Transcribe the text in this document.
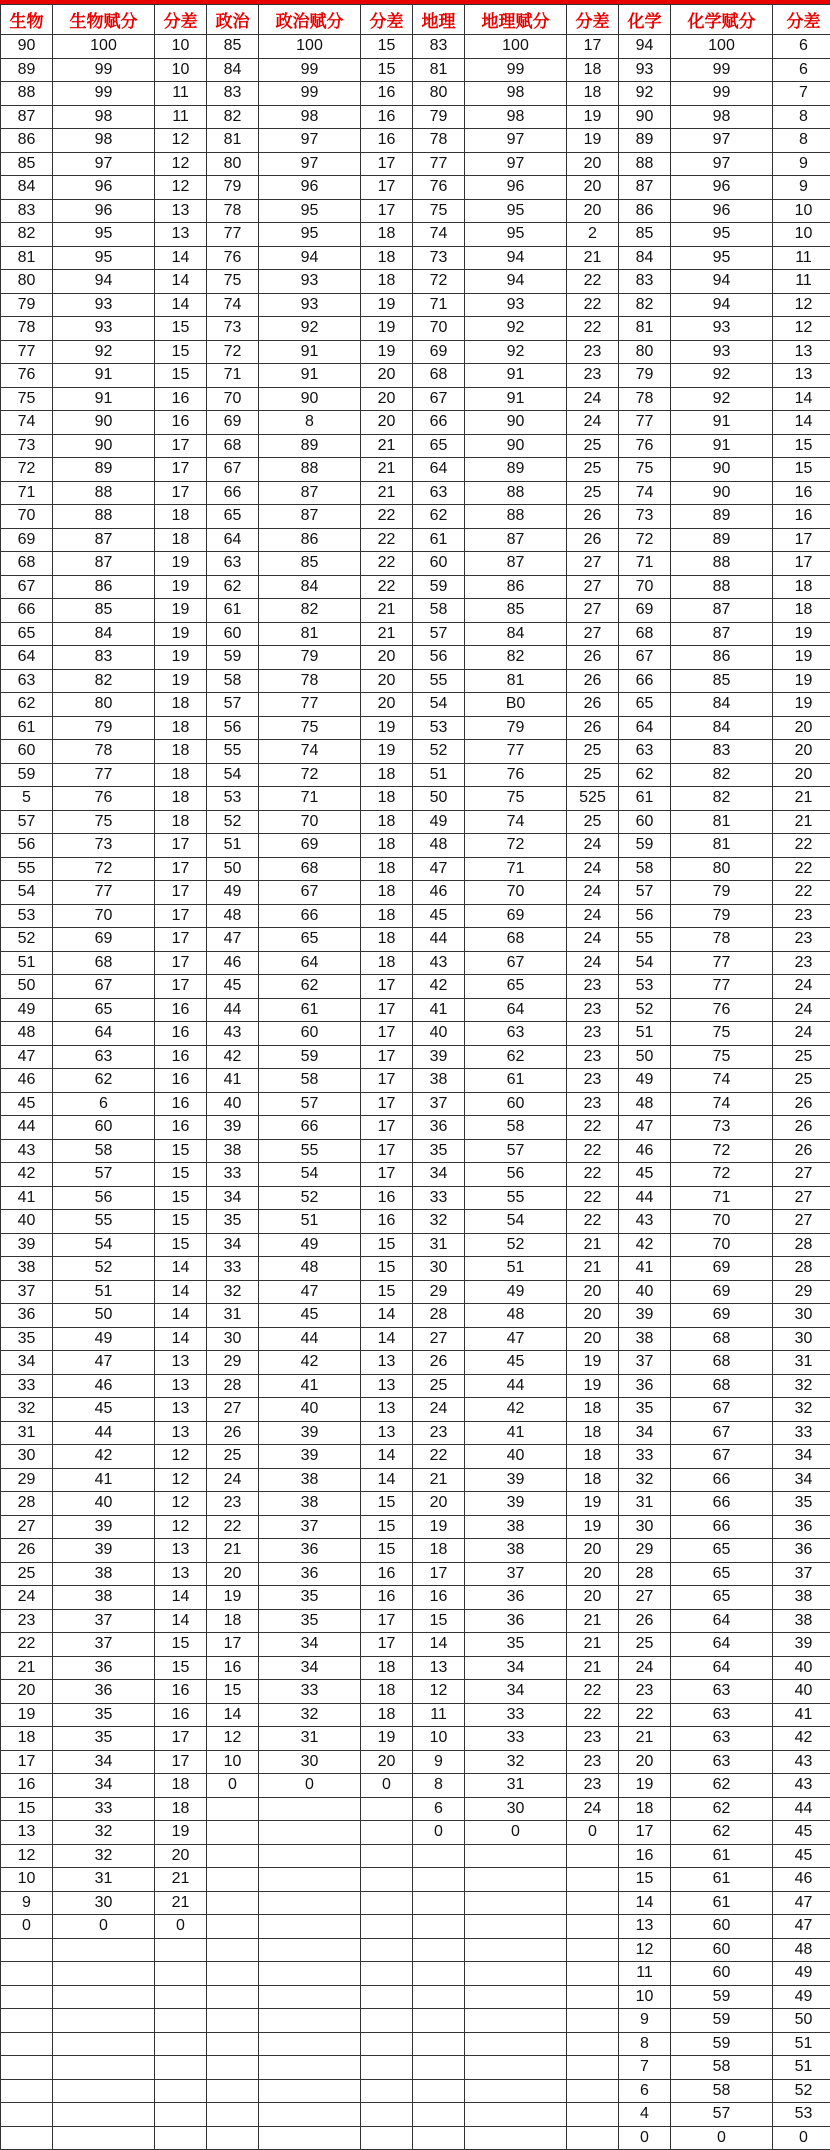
生物	生物赋分	分差	政治	政治赋分	分差	地理	地理赋分	分差	化学	化学赋分	分差
90	100	10	85	100	15	83	100	17	94	100	6
89	99	10	84	99	15	81	99	18	93	99	6
88	99	11	83	99	16	80	98	18	92	99	7
87	98	11	82	98	16	79	98	19	90	98	8
86	98	12	81	97	16	78	97	19	89	97	8
85	97	12	80	97	17	77	97	20	88	97	9
84	96	12	79	96	17	76	96	20	87	96	9
83	96	13	78	95	17	75	95	20	86	96	10
82	95	13	77	95	18	74	95	2	85	95	10
81	95	14	76	94	18	73	94	21	84	95	11
80	94	14	75	93	18	72	94	22	83	94	11
79	93	14	74	93	19	71	93	22	82	94	12
78	93	15	73	92	19	70	92	22	81	93	12
77	92	15	72	91	19	69	92	23	80	93	13
76	91	15	71	91	20	68	91	23	79	92	13
75	91	16	70	90	20	67	91	24	78	92	14
74	90	16	69	8	20	66	90	24	77	91	14
73	90	17	68	89	21	65	90	25	76	91	15
72	89	17	67	88	21	64	89	25	75	90	15
71	88	17	66	87	21	63	88	25	74	90	16
70	88	18	65	87	22	62	88	26	73	89	16
69	87	18	64	86	22	61	87	26	72	89	17
68	87	19	63	85	22	60	87	27	71	88	17
67	86	19	62	84	22	59	86	27	70	88	18
66	85	19	61	82	21	58	85	27	69	87	18
65	84	19	60	81	21	57	84	27	68	87	19
64	83	19	59	79	20	56	82	26	67	86	19
63	82	19	58	78	20	55	81	26	66	85	19
62	80	18	57	77	20	54	B0	26	65	84	19
61	79	18	56	75	19	53	79	26	64	84	20
60	78	18	55	74	19	52	77	25	63	83	20
59	77	18	54	72	18	51	76	25	62	82	20
5	76	18	53	71	18	50	75	525	61	82	21
57	75	18	52	70	18	49	74	25	60	81	21
56	73	17	51	69	18	48	72	24	59	81	22
55	72	17	50	68	18	47	71	24	58	80	22
54	77	17	49	67	18	46	70	24	57	79	22
53	70	17	48	66	18	45	69	24	56	79	23
52	69	17	47	65	18	44	68	24	55	78	23
51	68	17	46	64	18	43	67	24	54	77	23
50	67	17	45	62	17	42	65	23	53	77	24
49	65	16	44	61	17	41	64	23	52	76	24
48	64	16	43	60	17	40	63	23	51	75	24
47	63	16	42	59	17	39	62	23	50	75	25
46	62	16	41	58	17	38	61	23	49	74	25
45	6	16	40	57	17	37	60	23	48	74	26
44	60	16	39	66	17	36	58	22	47	73	26
43	58	15	38	55	17	35	57	22	46	72	26
42	57	15	33	54	17	34	56	22	45	72	27
41	56	15	34	52	16	33	55	22	44	71	27
40	55	15	35	51	16	32	54	22	43	70	27
39	54	15	34	49	15	31	52	21	42	70	28
38	52	14	33	48	15	30	51	21	41	69	28
37	51	14	32	47	15	29	49	20	40	69	29
36	50	14	31	45	14	28	48	20	39	69	30
35	49	14	30	44	14	27	47	20	38	68	30
34	47	13	29	42	13	26	45	19	37	68	31
33	46	13	28	41	13	25	44	19	36	68	32
32	45	13	27	40	13	24	42	18	35	67	32
31	44	13	26	39	13	23	41	18	34	67	33
30	42	12	25	39	14	22	40	18	33	67	34
29	41	12	24	38	14	21	39	18	32	66	34
28	40	12	23	38	15	20	39	19	31	66	35
27	39	12	22	37	15	19	38	19	30	66	36
26	39	13	21	36	15	18	38	20	29	65	36
25	38	13	20	36	16	17	37	20	28	65	37
24	38	14	19	35	16	16	36	20	27	65	38
23	37	14	18	35	17	15	36	21	26	64	38
22	37	15	17	34	17	14	35	21	25	64	39
21	36	15	16	34	18	13	34	21	24	64	40
20	36	16	15	33	18	12	34	22	23	63	40
19	35	16	14	32	18	11	33	22	22	63	41
18	35	17	12	31	19	10	33	23	21	63	42
17	34	17	10	30	20	9	32	23	20	63	43
16	34	18	0	0	0	8	31	23	19	62	43
15	33	18				6	30	24	18	62	44
13	32	19				0	0	0	17	62	45
12	32	20							16	61	45
10	31	21							15	61	46
9	30	21							14	61	47
0	0	0							13	60	47
									12	60	48
									11	60	49
									10	59	49
									9	59	50
									8	59	51
									7	58	51
									6	58	52
									4	57	53
									0	0	0
